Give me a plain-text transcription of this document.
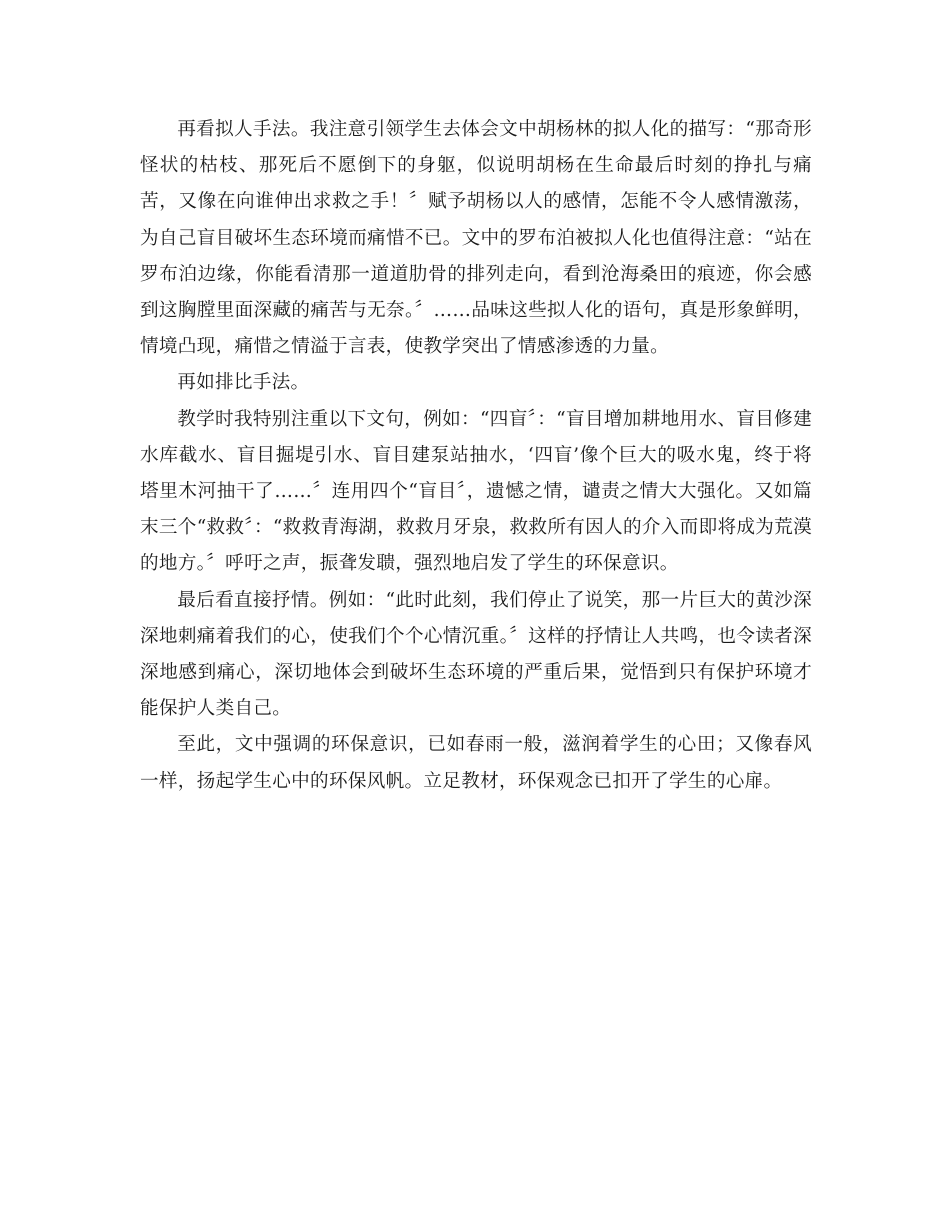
再看拟人手法。我注意引领学生去体会文中胡杨林的拟人化的描写：“那奇形怪状的枯枝、那死后不愿倒下的身躯，似说明胡杨在生命最后时刻的挣扎与痛苦，又像在向谁伸出求救之手！〞赋予胡杨以人的感情，怎能不令人感情激荡，为自己盲目破坏生态环境而痛惜不已。文中的罗布泊被拟人化也值得注意：“站在罗布泊边缘，你能看清那一道道肋骨的排列走向，看到沧海桑田的痕迹，你会感到这胸膛里面深藏的痛苦与无奈。〞……品味这些拟人化的语句，真是形象鲜明，情境凸现，痛惜之情溢于言表，使教学突出了情感渗透的力量。

再如排比手法。

教学时我特别注重以下文句，例如：“四盲〞：“盲目增加耕地用水、盲目修建水库截水、盲目掘堤引水、盲目建泵站抽水，‘四盲’像个巨大的吸水鬼，终于将塔里木河抽干了……〞连用四个“盲目〞，遗憾之情，谴责之情大大强化。又如篇末三个“救救〞：“救救青海湖，救救月牙泉，救救所有因人的介入而即将成为荒漠的地方。〞呼吁之声，振聋发聩，强烈地启发了学生的环保意识。

最后看直接抒情。例如：“此时此刻，我们停止了说笑，那一片巨大的黄沙深深地刺痛着我们的心，使我们个个心情沉重。〞这样的抒情让人共鸣，也令读者深深地感到痛心，深切地体会到破坏生态环境的严重后果，觉悟到只有保护环境才能保护人类自己。

至此，文中强调的环保意识，已如春雨一般，滋润着学生的心田；又像春风一样，扬起学生心中的环保风帆。立足教材，环保观念已扣开了学生的心扉。
